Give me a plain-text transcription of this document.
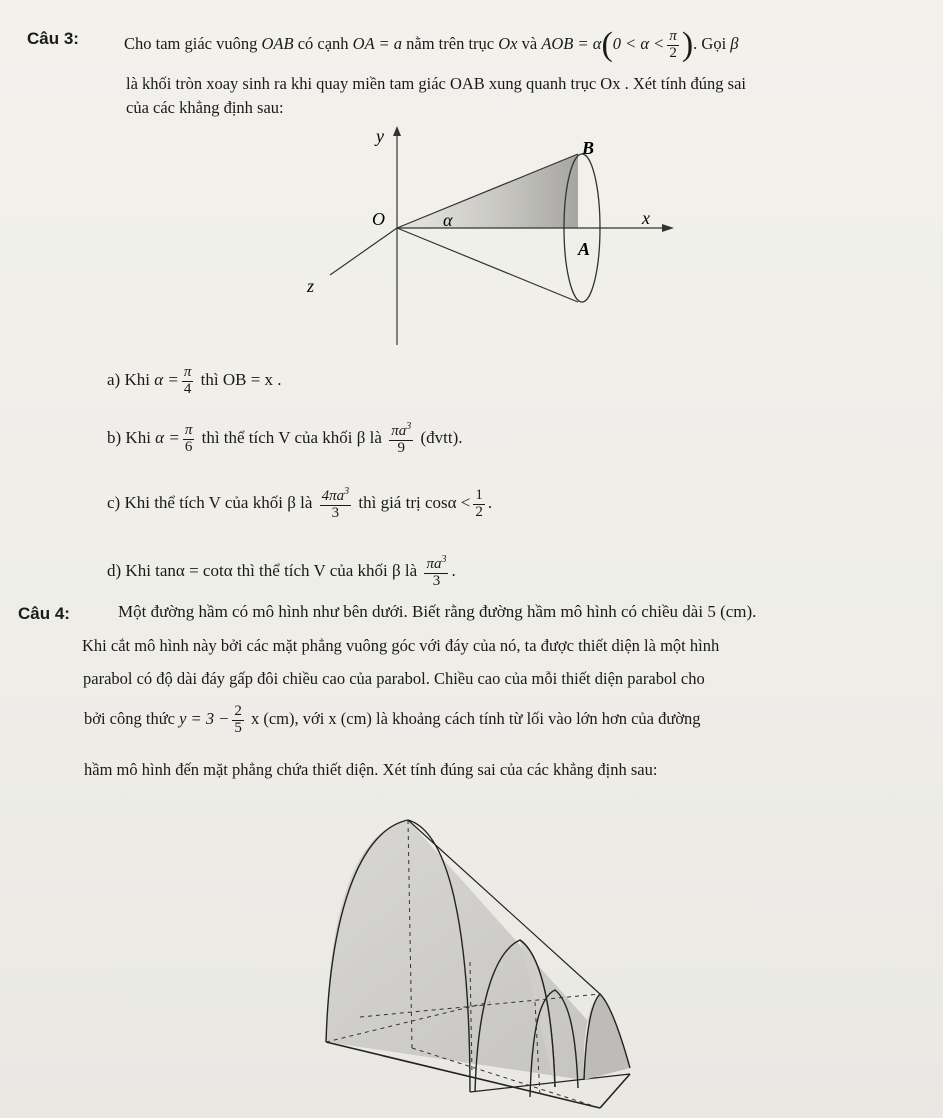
Câu 3:	Cho tam giác vuông OAB có cạnh OA = a nằm trên trục Ox và AOB = $\alpha(0 < \alpha < \frac{\pi}{2}$ ). Gọi β
là khối tròn xoay sinh ra khi quay miền tam giác OAB xung quanh trục Ox . Xét tính đúng sai
của các khẳng định sau:
y
B
O	α	x
A
z
a) Khi $\alpha = \frac{\pi}{4}$ thì OB = x .
b) Khi $\alpha = \frac{\pi}{6}$ thì thể tích V của khối β là $\frac{\pi a^3}{9}$ (đvtt).
c) Khi thể tích V của khối β là $\frac{4\pi a^3}{3}$ thì giá trị $\cos\alpha < \frac{1}{2}$ .
d) Khi tanα = cotα thì thể tích V của khối β là $\frac{\pi a^3}{3}$ .
Câu 4:	Một đường hầm có mô hình như bên dưới. Biết rằng đường hầm mô hình có chiều dài 5 (cm).
Khi cắt mô hình này bởi các mặt phẳng vuông góc với đáy của nó, ta được thiết diện là một hình
parabol có độ dài đáy gấp đôi chiều cao của parabol. Chiều cao của mỗi thiết diện parabol cho
bởi công thức $y = 3 - \frac{2}{5}$ x (cm), với x (cm) là khoảng cách tính từ lối vào lớn hơn của đường
hầm mô hình đến mặt phẳng chứa thiết diện. Xét tính đúng sai của các khẳng định sau:
